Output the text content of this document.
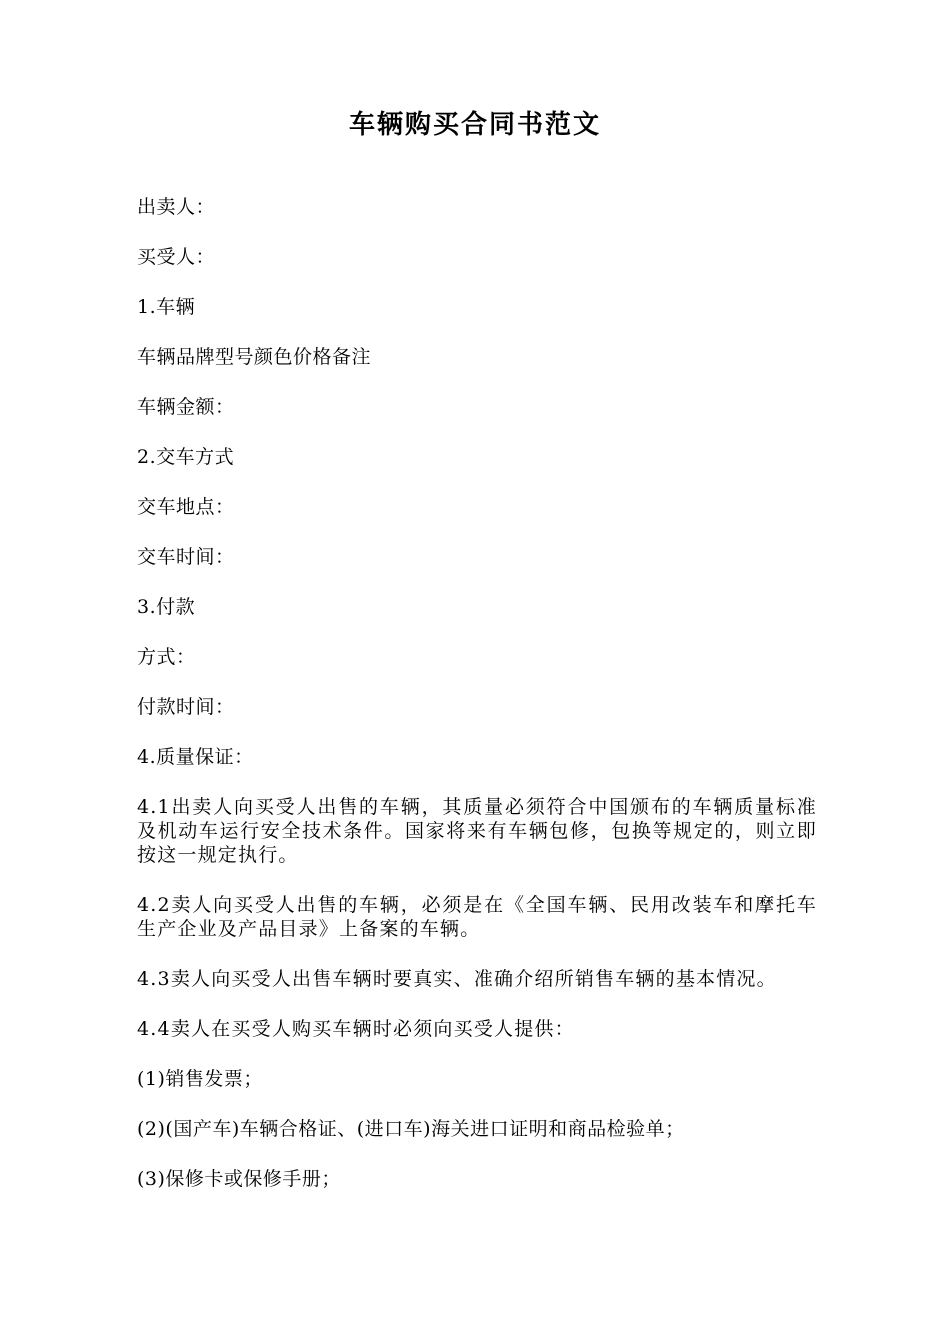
车辆购买合同书范文

出卖人：

买受人：

1.车辆

车辆品牌型号颜色价格备注

车辆金额：

2.交车方式

交车地点：

交车时间：

3.付款

方式：

付款时间：

4.质量保证：

4.1出卖人向买受人出售的车辆，其质量必须符合中国颁布的车辆质量标准及机动车运行安全技术条件。国家将来有车辆包修，包换等规定的，则立即按这一规定执行。

4.2卖人向买受人出售的车辆，必须是在《全国车辆、民用改装车和摩托车生产企业及产品目录》上备案的车辆。

4.3卖人向买受人出售车辆时要真实、准确介绍所销售车辆的基本情况。

4.4卖人在买受人购买车辆时必须向买受人提供：

(1)销售发票；

(2)(国产车)车辆合格证、(进口车)海关进口证明和商品检验单；

(3)保修卡或保修手册；
